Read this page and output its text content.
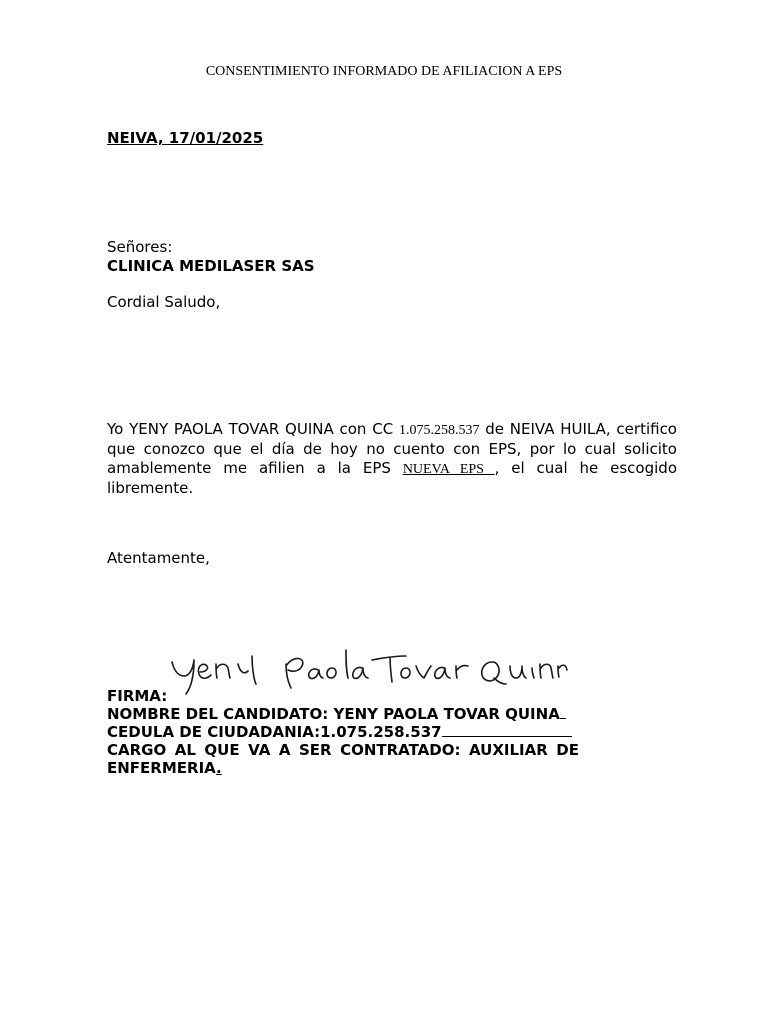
CONSENTIMIENTO INFORMADO DE AFILIACION A EPS
NEIVA, 17/01/2025
Señores:
CLINICA MEDILASER SAS
Cordial Saludo,
Yo YENY PAOLA TOVAR QUINA con CC 1.075.258.537 de NEIVA HUILA, certifico que conozco que el día de hoy no cuento con EPS, por lo cual solicito amablemente me afilien a la EPS NUEVA EPS , el cual he escogido libremente.
Atentamente,
FIRMA:
NOMBRE DEL CANDIDATO: YENY PAOLA TOVAR QUINA
CEDULA DE CIUDADANIA:1.075.258.537
CARGO AL QUE VA A SER CONTRATADO: AUXILIAR DE
ENFERMERIA.
